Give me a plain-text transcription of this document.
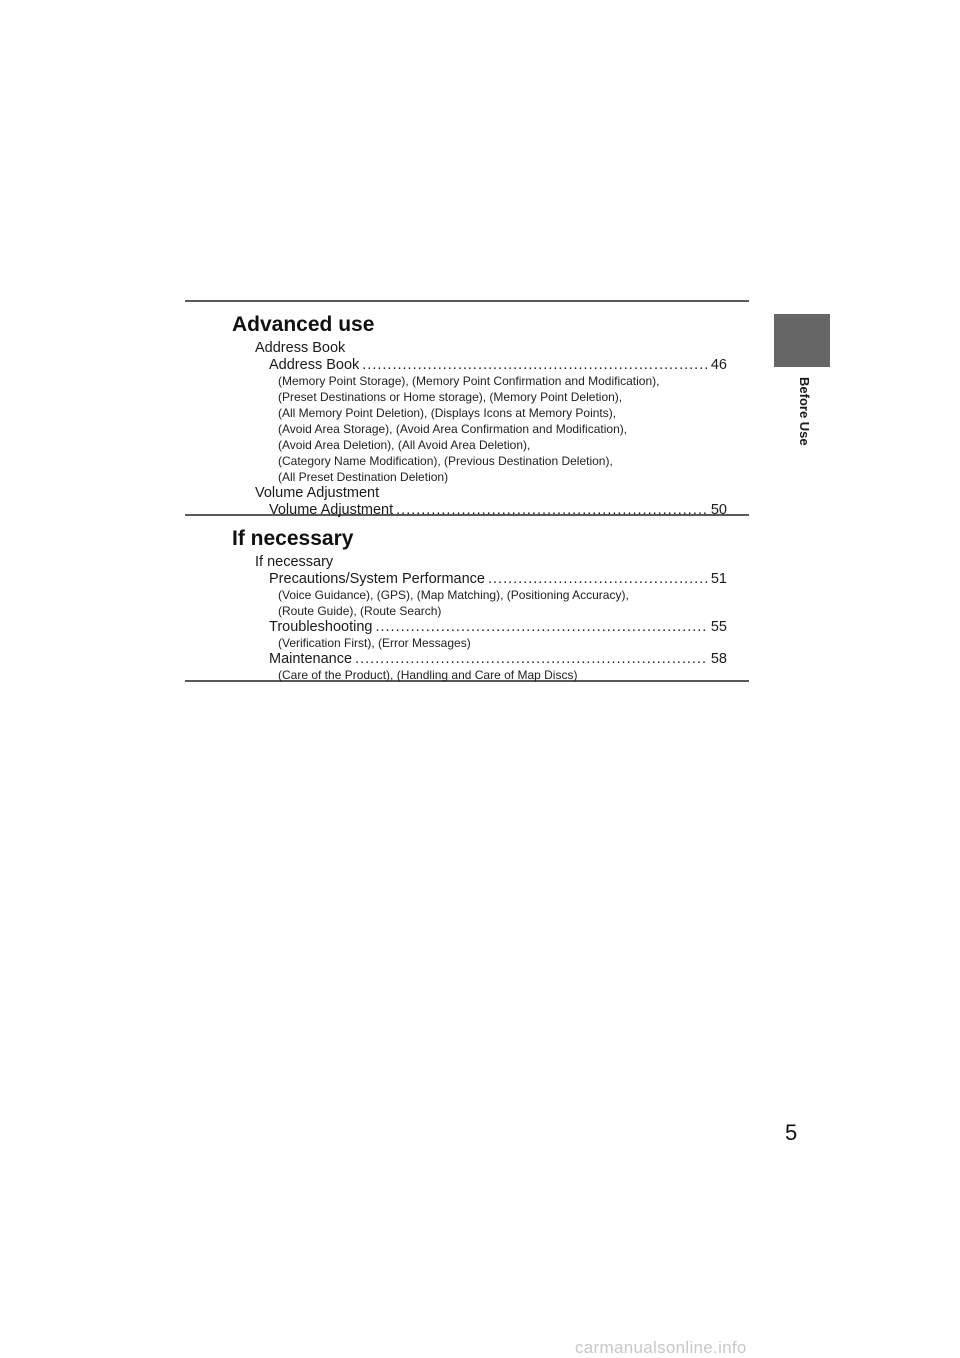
Advanced use
Address Book
Address Book .....	46
(Memory Point Storage), (Memory Point Confirmation and Modification),
(Preset Destinations or Home storage), (Memory Point Deletion),
(All Memory Point Deletion), (Displays Icons at Memory Points),
(Avoid Area Storage), (Avoid Area Confirmation and Modification),
(Avoid Area Deletion), (All Avoid Area Deletion),
(Category Name Modification), (Previous Destination Deletion),
(All Preset Destination Deletion)
Volume Adjustment
Volume Adjustment .....	50
If necessary
If necessary
Precautions/System Performance .....	51
(Voice Guidance), (GPS), (Map Matching), (Positioning Accuracy),
(Route Guide), (Route Search)
Troubleshooting .....	55
(Verification First), (Error Messages)
Maintenance .....	58
(Care of the Product), (Handling and Care of Map Discs)
Before Use
5
carmanualsonline.info
